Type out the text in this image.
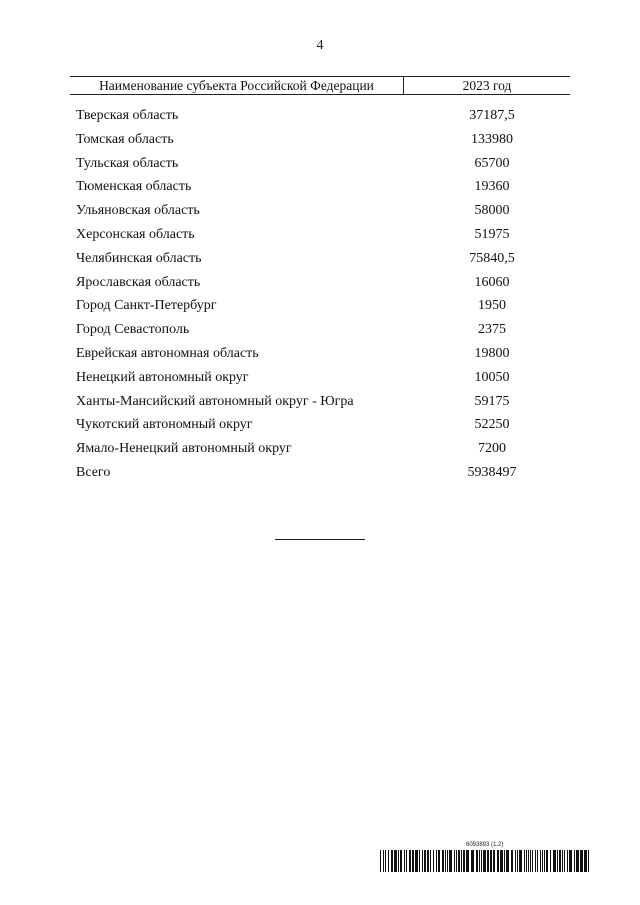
4
Наименование субъекта Российской Федерации	2023 год
Тверская область	37187,5
Томская область	133980
Тульская область	65700
Тюменская область	19360
Ульяновская область	58000
Херсонская область	51975
Челябинская область	75840,5
Ярославская область	16060
Город Санкт-Петербург	1950
Город Севастополь	2375
Еврейская автономная область	19800
Ненецкий автономный округ	10050
Ханты-Мансийский автономный округ - Югра	59175
Чукотский автономный округ	52250
Ямало-Ненецкий автономный округ	7200
Всего	5938497
6093893 (1.2)
